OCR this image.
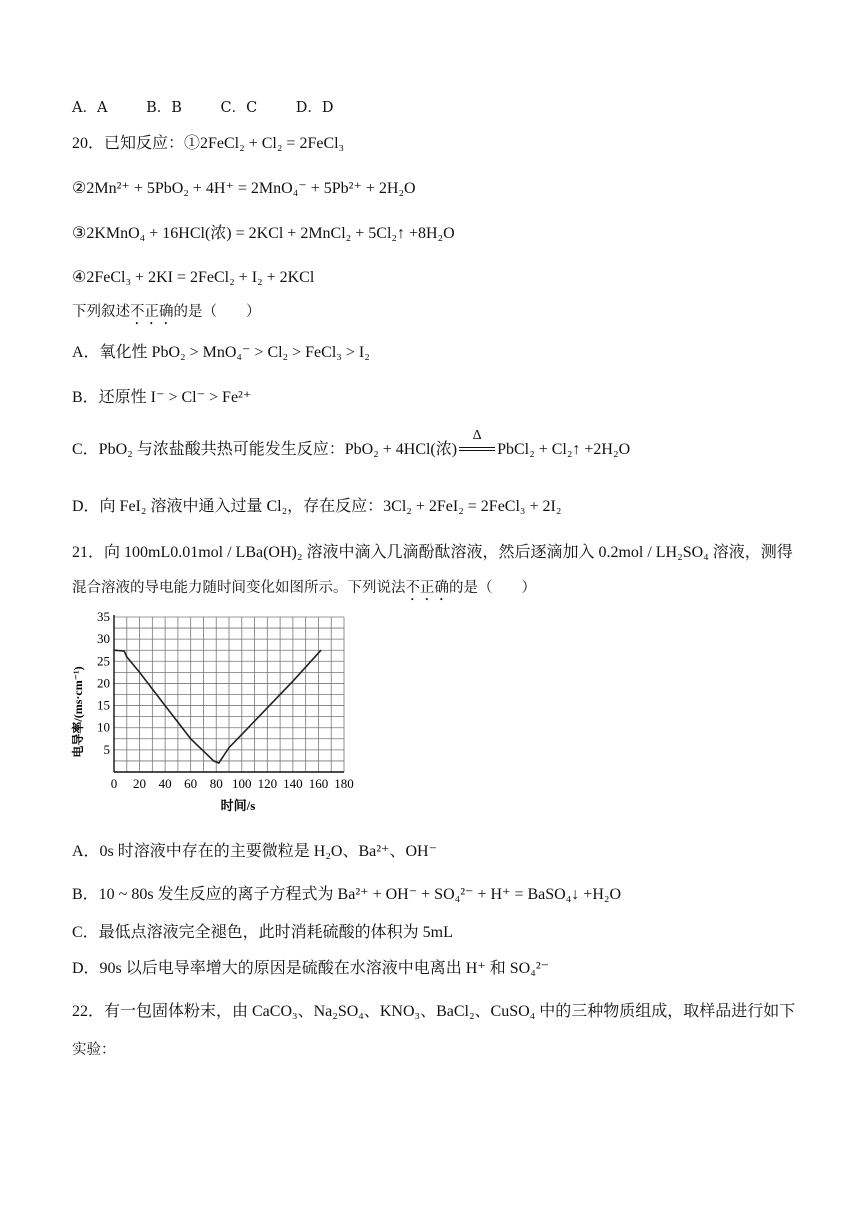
A．A	B．B	C．C	D．D
20．已知反应：①2FeCl₂ + Cl₂ = 2FeCl₃
②2Mn²⁺ + 5PbO₂ + 4H⁺ = 2MnO₄⁻ + 5Pb²⁺ + 2H₂O
③2KMnO₄ + 16HCl(浓) = 2KCl + 2MnCl₂ + 5Cl₂↑ +8H₂O
④2FeCl₃ + 2KI = 2FeCl₂ + I₂ + 2KCl
下列叙述不正确的是（　　）
A．氧化性 PbO₂ > MnO₄⁻ > Cl₂ > FeCl₃ > I₂
B．还原性 I⁻ > Cl⁻ > Fe²⁺
C．PbO₂ 与浓盐酸共热可能发生反应：PbO₂ + 4HCl(浓)
Δ
PbCl₂ + Cl₂↑ +2H₂O
D．向 FeI₂ 溶液中通入过量 Cl₂，存在反应：3Cl₂ + 2FeI₂ = 2FeCl₃ + 2I₂
21．向 100mL0.01mol / LBa(OH)₂ 溶液中滴入几滴酚酞溶液，然后逐滴加入 0.2mol / LH₂SO₄ 溶液，测得
混合溶液的导电能力随时间变化如图所示。下列说法不正确的是（　　）
0 20 40 60 80 100 120 140 160 180
5
10
15
20
25
30
35
时间/s
电导率/(ms·cm⁻¹)
A．0s 时溶液中存在的主要微粒是 H₂O、Ba²⁺、OH⁻
B．10 ~ 80s 发生反应的离子方程式为 Ba²⁺ + OH⁻ + SO₄²⁻ + H⁺ = BaSO₄↓ +H₂O
C．最低点溶液完全褪色，此时消耗硫酸的体积为 5mL
D．90s 以后电导率增大的原因是硫酸在水溶液中电离出 H⁺ 和 SO₄²⁻
22．有一包固体粉末，由 CaCO₃、Na₂SO₄、KNO₃、BaCl₂、CuSO₄ 中的三种物质组成，取样品进行如下
实验：
